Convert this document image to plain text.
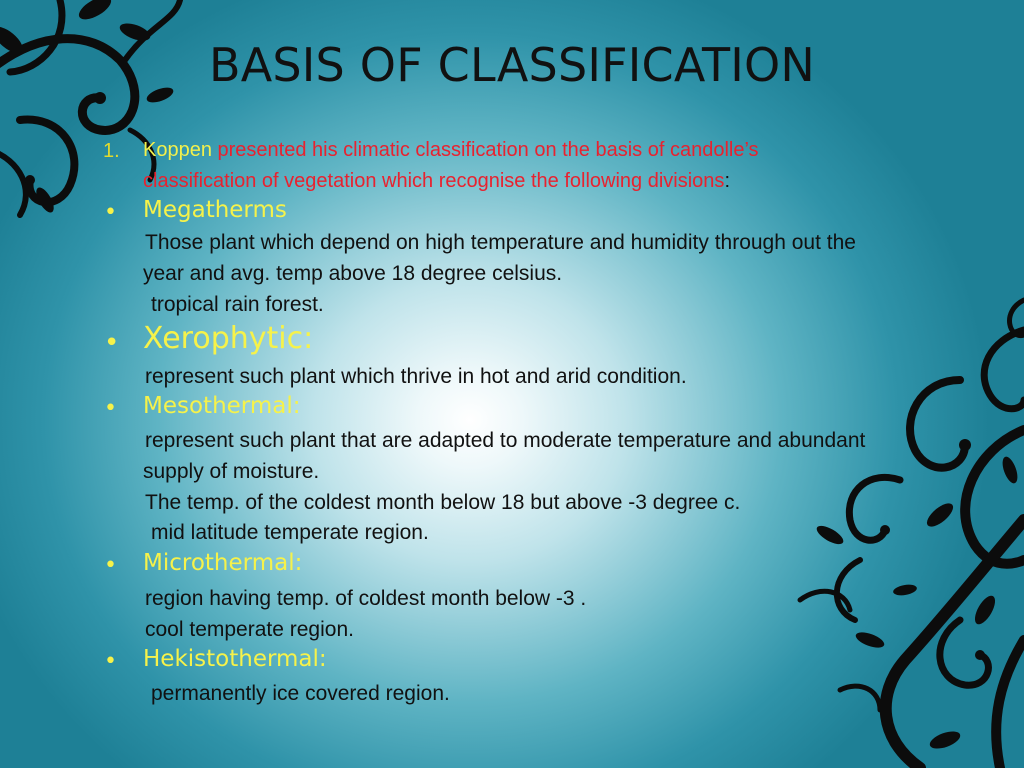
BASIS OF CLASSIFICATION
1. Koppen presented his climatic classification on the basis of candolle’s

classification of vegetation which recognise the following divisions:

• Megatherms

Those plant which depend on high temperature and humidity through out the

year and avg. temp above 18 degree celsius.

tropical rain forest.

• Xerophytic:

represent such plant which thrive in hot and arid condition.

• Mesothermal:

represent such plant that are adapted to moderate temperature and abundant

supply of moisture.

The temp. of the coldest month below 18 but above -3 degree c.

mid latitude temperate region.

• Microthermal:

region having temp. of coldest month below -3 .

cool temperate region.

• Hekistothermal:

permanently ice covered region.
